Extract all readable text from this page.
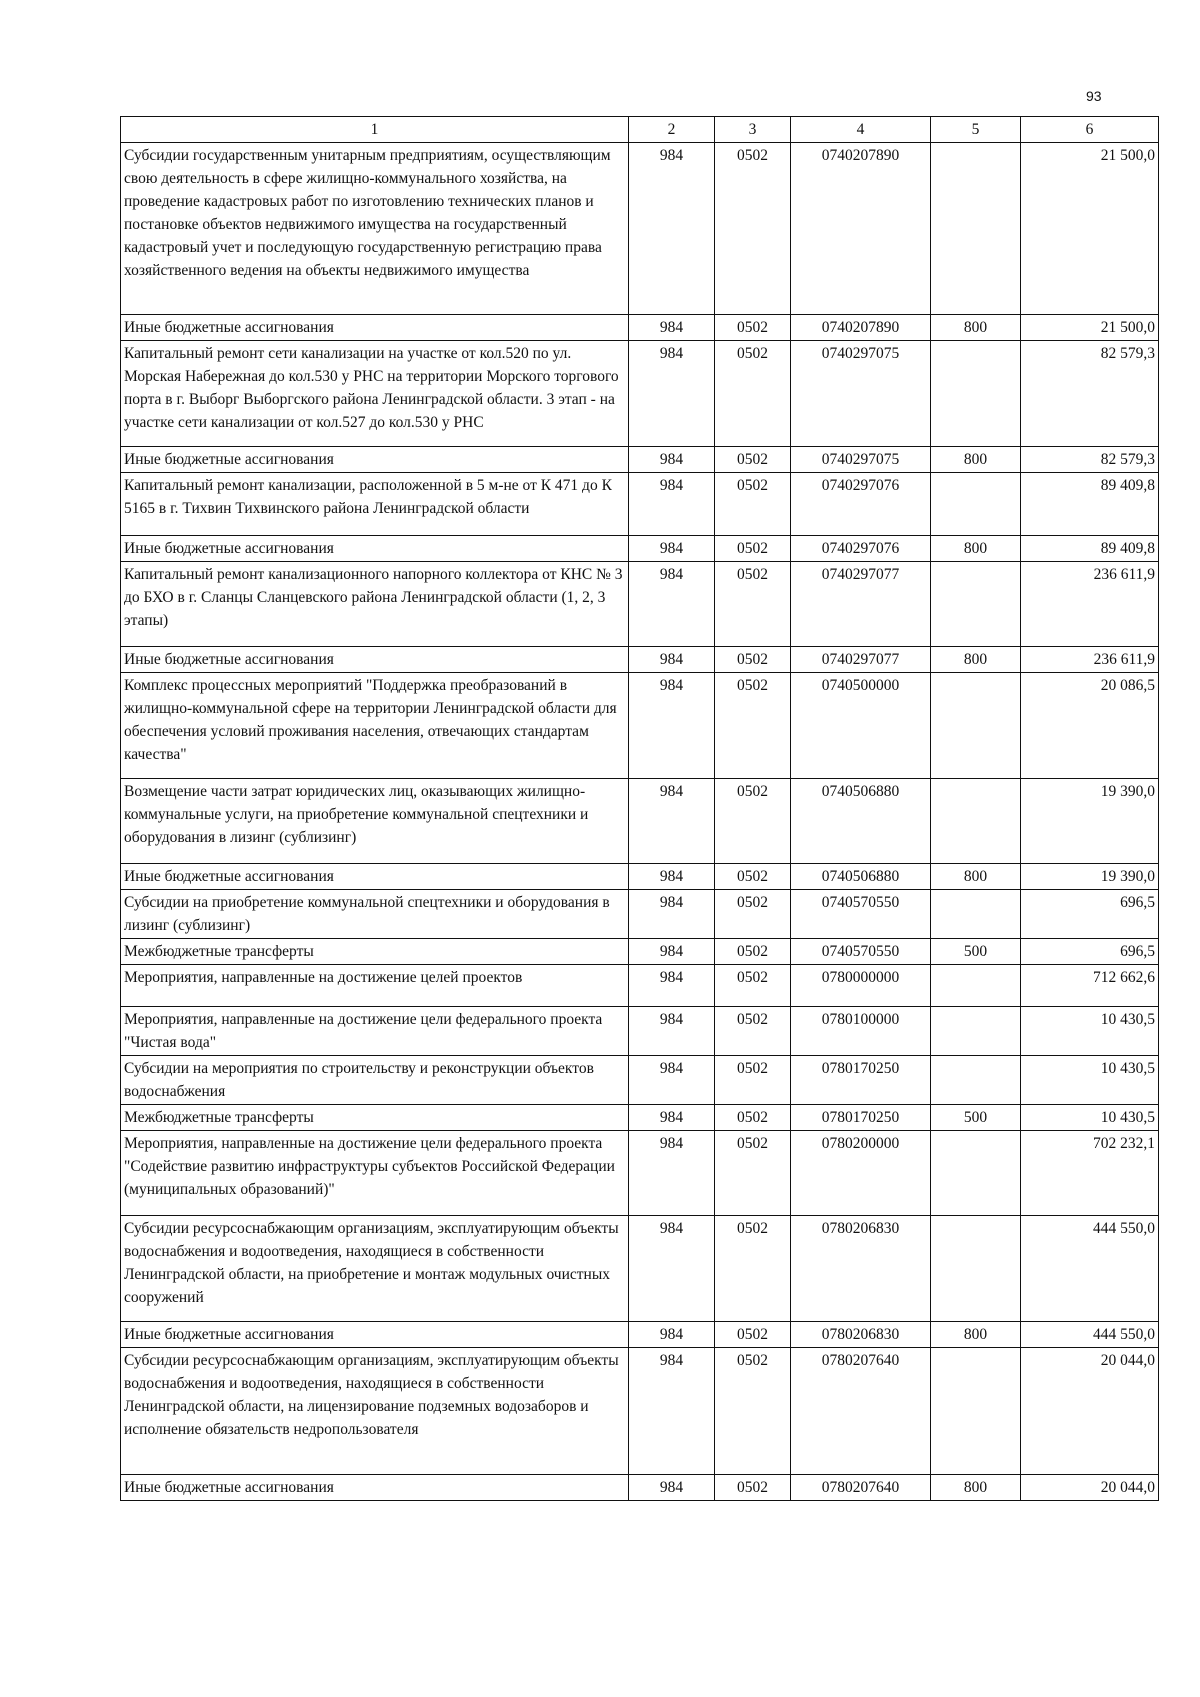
93
1	2	3	4	5	6
Субсидии государственным унитарным предприятиям, осуществляющим свою деятельность в сфере жилищно-коммунального хозяйства, на проведение кадастровых работ по изготовлению технических планов и постановке объектов недвижимого имущества на государственный кадастровый учет и последующую государственную регистрацию права хозяйственного ведения на объекты недвижимого имущества	984	0502	0740207890		21 500,0
Иные бюджетные ассигнования	984	0502	0740207890	800	21 500,0
Капитальный ремонт сети канализации на участке от кол.520 по ул. Морская Набережная до кол.530 у РНС на территории Морского торгового порта в г. Выборг Выборгского района Ленинградской области. 3 этап - на участке сети канализации от кол.527 до кол.530 у РНС	984	0502	0740297075		82 579,3
Иные бюджетные ассигнования	984	0502	0740297075	800	82 579,3
Капитальный ремонт канализации, расположенной в 5 м-не от К 471 до К 5165 в г. Тихвин Тихвинского района Ленинградской области	984	0502	0740297076		89 409,8
Иные бюджетные ассигнования	984	0502	0740297076	800	89 409,8
Капитальный ремонт канализационного напорного коллектора от КНС № 3 до БХО в г. Сланцы Сланцевского района Ленинградской области (1, 2, 3 этапы)	984	0502	0740297077		236 611,9
Иные бюджетные ассигнования	984	0502	0740297077	800	236 611,9
Комплекс процессных мероприятий "Поддержка преобразований в жилищно-коммунальной сфере на территории Ленинградской области для обеспечения условий проживания населения, отвечающих стандартам качества"	984	0502	0740500000		20 086,5
Возмещение части затрат юридических лиц, оказывающих жилищно-коммунальные услуги, на приобретение коммунальной спецтехники и оборудования в лизинг (сублизинг)	984	0502	0740506880		19 390,0
Иные бюджетные ассигнования	984	0502	0740506880	800	19 390,0
Субсидии на приобретение коммунальной спецтехники и оборудования в лизинг (сублизинг)	984	0502	0740570550		696,5
Межбюджетные трансферты	984	0502	0740570550	500	696,5
Мероприятия, направленные на достижение целей проектов	984	0502	0780000000		712 662,6
Мероприятия, направленные на достижение цели федерального проекта "Чистая вода"	984	0502	0780100000		10 430,5
Субсидии на мероприятия по строительству и реконструкции объектов водоснабжения	984	0502	0780170250		10 430,5
Межбюджетные трансферты	984	0502	0780170250	500	10 430,5
Мероприятия, направленные на достижение цели федерального проекта "Содействие развитию инфраструктуры субъектов Российской Федерации (муниципальных образований)"	984	0502	0780200000		702 232,1
Субсидии ресурсоснабжающим организациям, эксплуатирующим объекты водоснабжения и водоотведения, находящиеся в собственности Ленинградской области, на приобретение и монтаж модульных очистных сооружений	984	0502	0780206830		444 550,0
Иные бюджетные ассигнования	984	0502	0780206830	800	444 550,0
Субсидии ресурсоснабжающим организациям, эксплуатирующим объекты водоснабжения и водоотведения, находящиеся в собственности Ленинградской области, на лицензирование подземных водозаборов и исполнение обязательств недропользователя	984	0502	0780207640		20 044,0
Иные бюджетные ассигнования	984	0502	0780207640	800	20 044,0
